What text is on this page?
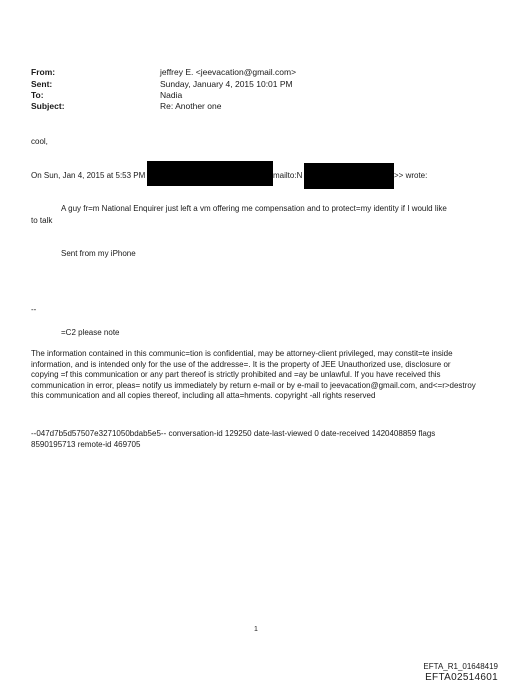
From:	jeffrey E. <jeevacation@gmail.com>
Sent:	Sunday, January 4, 2015 10:01 PM
To:	Nadia
Subject:	Re: Another one
cool,
On Sun, Jan 4, 2015 at 5:53 PM	mailto:N	>> wrote:
A guy fr=m National Enquirer just left a vm offering me compensation and to protect=my identity if I would like
to talk
Sent from my iPhone
--
=C2 please note
The information contained in this communic=tion is confidential, may be attorney-client privileged, may constit=te inside information, and is intended only for the use of the addresse=. It is the property of JEE Unauthorized use, disclosure or copying =f this communication or any part thereof is strictly prohibited and =ay be unlawful. If you have received this communication in error, pleas= notify us immediately by return e-mail or by e-mail to jeevacation@gmail.com, and<=r>destroy this communication and all copies thereof, including all atta=hments. copyright -all rights reserved
--047d7b5d57507e3271050bdab5e5-- conversation-id 129250 date-last-viewed 0 date-received 1420408859 flags 8590195713 remote-id 469705
1
EFTA_R1_01648419
EFTA02514601
